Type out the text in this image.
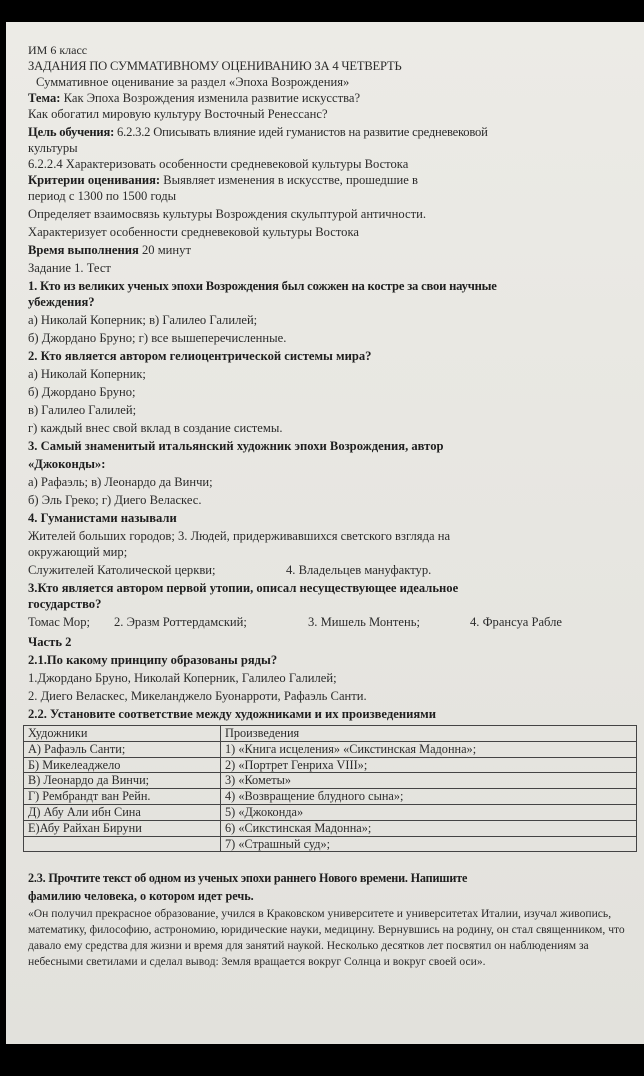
ИМ 6 класс
ЗАДАНИЯ ПО СУММАТИВНОМУ ОЦЕНИВАНИЮ ЗА 4 ЧЕТВЕРТЬ
Суммативное оценивание за раздел «Эпоха Возрождения»
Тема: Как Эпоха Возрождения изменила развитие искусства?
Как обогатил мировую культуру Восточный Ренессанс?
Цель обучения: 6.2.3.2 Описывать влияние идей гуманистов на развитие средневековой
культуры
6.2.2.4 Характеризовать особенности средневековой культуры Востока
Критерии оценивания: Выявляет изменения в искусстве, прошедшие в
период с 1300 по 1500 годы
Определяет взаимосвязь культуры Возрождения скульптурой античности.
Характеризует особенности средневековой культуры Востока
Время выполнения 20 минут
Задание 1. Тест
1. Кто из великих ученых эпохи Возрождения был сожжен на костре за свои научные
убеждения?
а) Николай Коперник; в) Галилео Галилей;
б) Джордано Бруно; г) все вышеперечисленные.
2. Кто является автором гелиоцентрической системы мира?
а) Николай Коперник;
б) Джордано Бруно;
в) Галилео Галилей;
г) каждый внес свой вклад в создание системы.
3. Самый знаменитый итальянский художник эпохи Возрождения, автор
«Джоконды»:
а) Рафаэль; в) Леонардо да Винчи;
б) Эль Греко; г) Диего Веласкес.
4. Гуманистами называли
Жителей больших городов; 3. Людей, придерживавшихся светского взгляда на
окружающий мир;
Служителей Католической церкви;	4. Владельцев мануфактур.
3.Кто является автором первой утопии, описал несуществующее идеальное
государство?
Томас Мор; 2. Эразм Роттердамский;	3. Мишель Монтень;	4. Франсуа Рабле
Часть 2
2.1.По какому принципу образованы ряды?
1.Джордано Бруно, Николай Коперник, Галилео Галилей;
2. Диего Веласкес, Микеланджело Буонарроти, Рафаэль Санти.
2.2. Установите соответствие между художниками и их произведениями
Художники	Произведения
А) Рафаэль Санти;	1) «Книга исцеления» «Сикстинская Мадонна»;
Б) Микелеаджело	2) «Портрет Генриха VIII»;
В) Леонардо да Винчи;	3) «Кометы»
Г) Рембрандт ван Рейн.	4) «Возвращение блудного сына»;
Д) Абу Али ибн Сина	5) «Джоконда»
Е)Абу Райхан Бируни	6) «Сикстинская Мадонна»;
	7) «Страшный суд»;
2.3. Прочтите текст об одном из ученых эпохи раннего Нового времени. Напишите
фамилию человека, о котором идет речь.
«Он получил прекрасное образование, учился в Краковском университете и университетах Италии, изучал живопись, математику, философию, астрономию, юридические науки, медицину. Вернувшись на родину, он стал священником, что давало ему средства для жизни и время для занятий наукой. Несколько десятков лет посвятил он наблюдениям за небесными светилами и сделал вывод: Земля вращается вокруг Солнца и вокруг своей оси».
